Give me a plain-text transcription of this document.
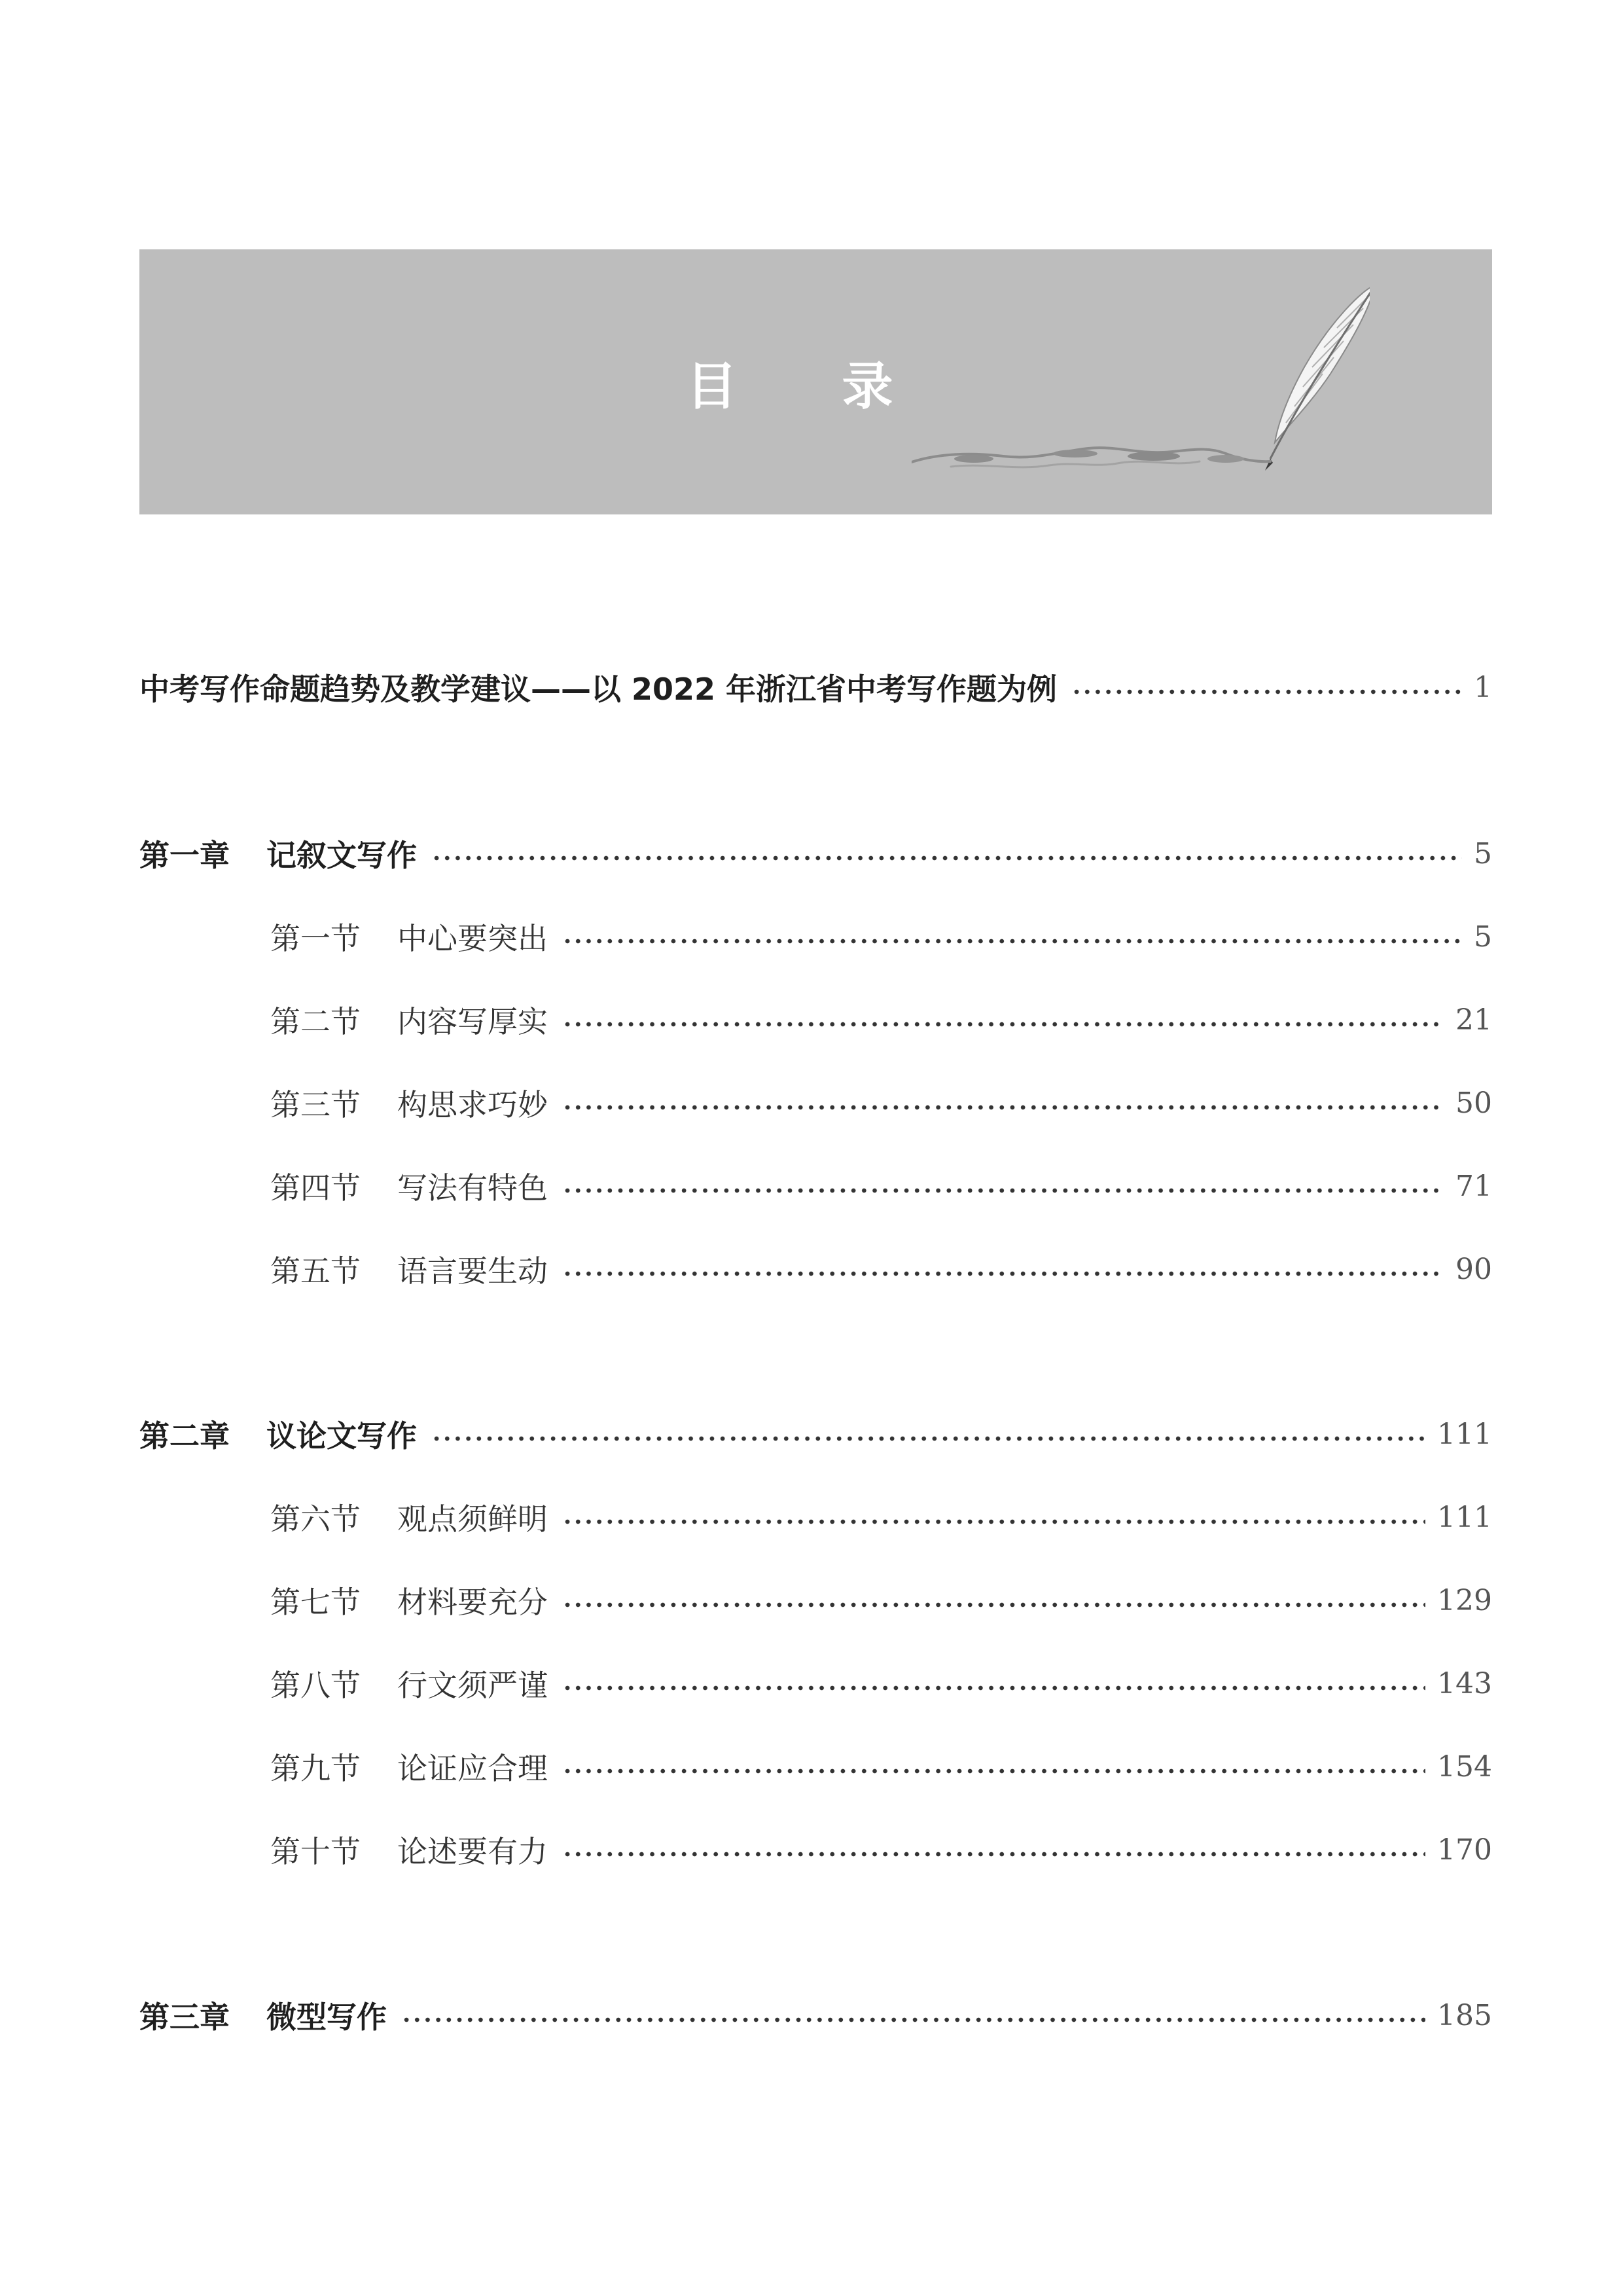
目 录
中考写作命题趋势及教学建议——以 2022 年浙江省中考写作题为例	1
第一章 记叙文写作	5
第一节 中心要突出	5
第二节 内容写厚实	21
第三节 构思求巧妙	50
第四节 写法有特色	71
第五节 语言要生动	90
第二章 议论文写作	111
第六节 观点须鲜明	111
第七节 材料要充分	129
第八节 行文须严谨	143
第九节 论证应合理	154
第十节 论述要有力	170
第三章 微型写作	185
